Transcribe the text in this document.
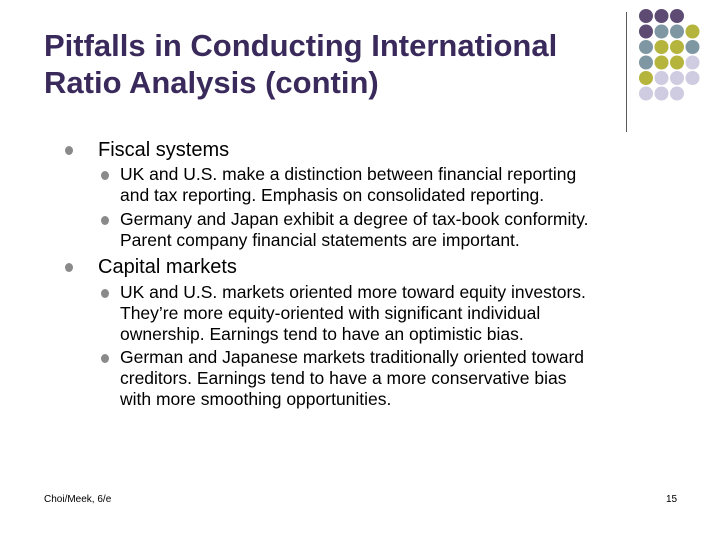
Pitfalls in Conducting International
Ratio Analysis (contin)
Fiscal systems
UK and U.S. make a distinction between financial reporting
and tax reporting. Emphasis on consolidated reporting.
Germany and Japan exhibit a degree of tax-book conformity.
Parent company financial statements are important.
Capital markets
UK and U.S. markets oriented more toward equity investors.
They’re more equity-oriented with significant individual
ownership. Earnings tend to have an optimistic bias.
German and Japanese markets traditionally oriented toward
creditors. Earnings tend to have a more conservative bias
with more smoothing opportunities.
Choi/Meek, 6/e	15
